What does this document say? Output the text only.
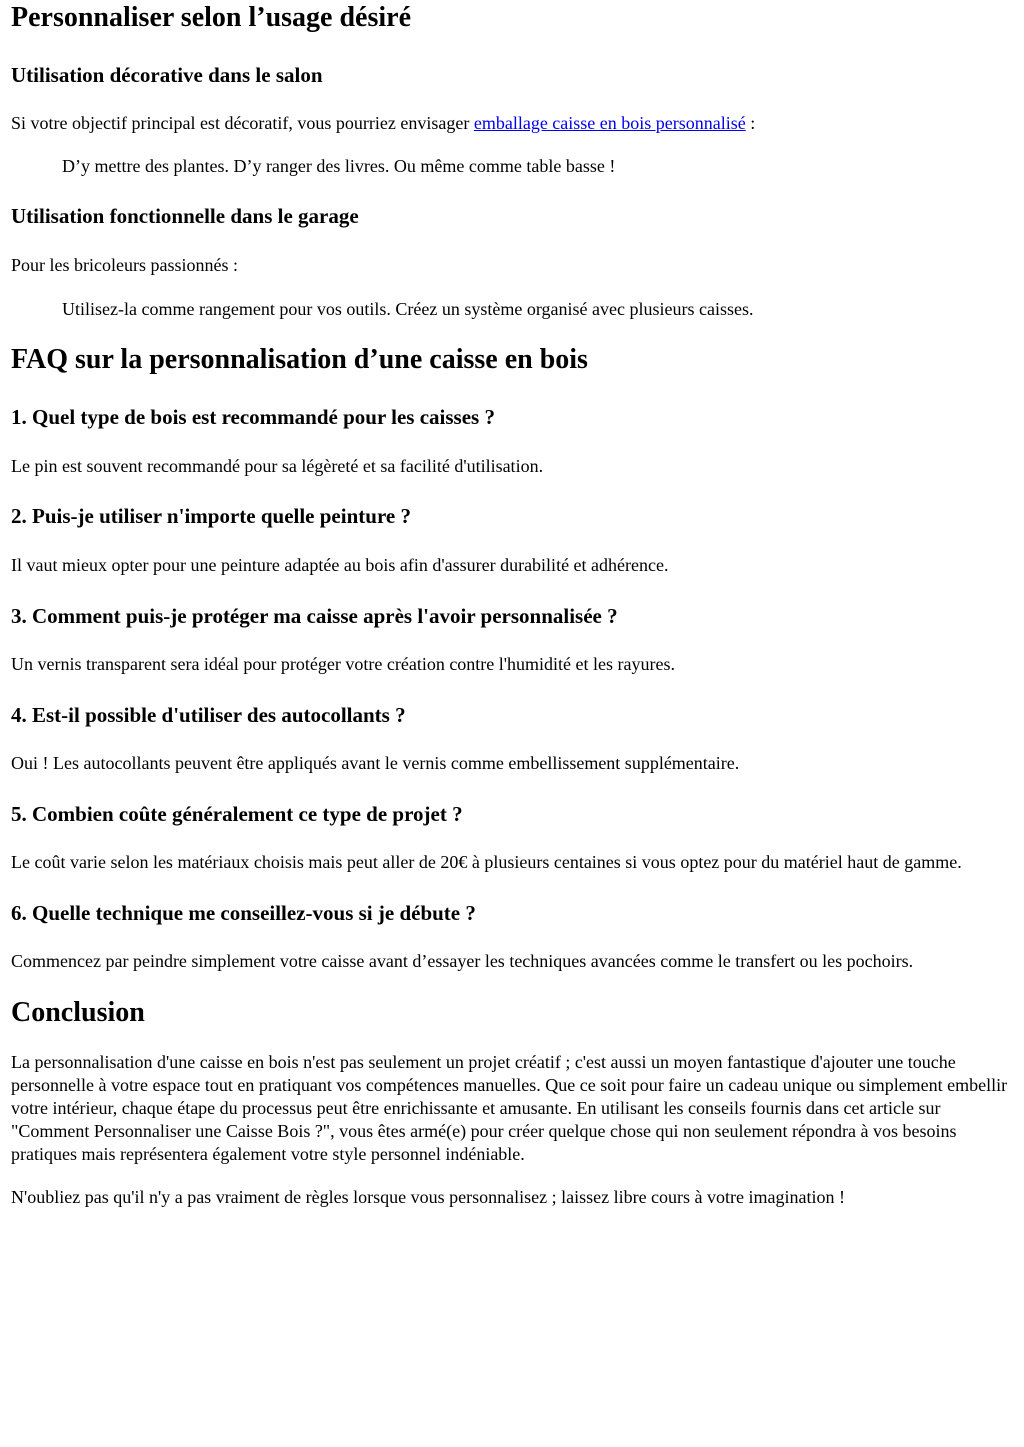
Personnaliser selon l’usage désiré
Utilisation décorative dans le salon

Si votre objectif principal est décoratif, vous pourriez envisager emballage caisse en bois personnalisé :

D’y mettre des plantes. D’y ranger des livres. Ou même comme table basse !
Utilisation fonctionnelle dans le garage

Pour les bricoleurs passionnés :

Utilisez-la comme rangement pour vos outils. Créez un système organisé avec plusieurs caisses.
FAQ sur la personnalisation d’une caisse en bois
1. Quel type de bois est recommandé pour les caisses ?

Le pin est souvent recommandé pour sa légèreté et sa facilité d'utilisation.

2. Puis-je utiliser n'importe quelle peinture ?

Il vaut mieux opter pour une peinture adaptée au bois afin d'assurer durabilité et adhérence.

3. Comment puis-je protéger ma caisse après l'avoir personnalisée ?

Un vernis transparent sera idéal pour protéger votre création contre l'humidité et les rayures.

4. Est-il possible d'utiliser des autocollants ?

Oui ! Les autocollants peuvent être appliqués avant le vernis comme embellissement supplémentaire.

5. Combien coûte généralement ce type de projet ?

Le coût varie selon les matériaux choisis mais peut aller de 20€ à plusieurs centaines si vous optez pour du matériel haut de gamme.

6. Quelle technique me conseillez-vous si je débute ?

Commencez par peindre simplement votre caisse avant d’essayer les techniques avancées comme le transfert ou les pochoirs.

Conclusion

La personnalisation d'une caisse en bois n'est pas seulement un projet créatif ; c'est aussi un moyen fantastique d'ajouter une touche personnelle à votre espace tout en pratiquant vos compétences manuelles. Que ce soit pour faire un cadeau unique ou simplement embellir votre intérieur, chaque étape du processus peut être enrichissante et amusante. En utilisant les conseils fournis dans cet article sur "Comment Personnaliser une Caisse Bois ?", vous êtes armé(e) pour créer quelque chose qui non seulement répondra à vos besoins pratiques mais représentera également votre style personnel indéniable.

N'oubliez pas qu'il n'y a pas vraiment de règles lorsque vous personnalisez ; laissez libre cours à votre imagination !
